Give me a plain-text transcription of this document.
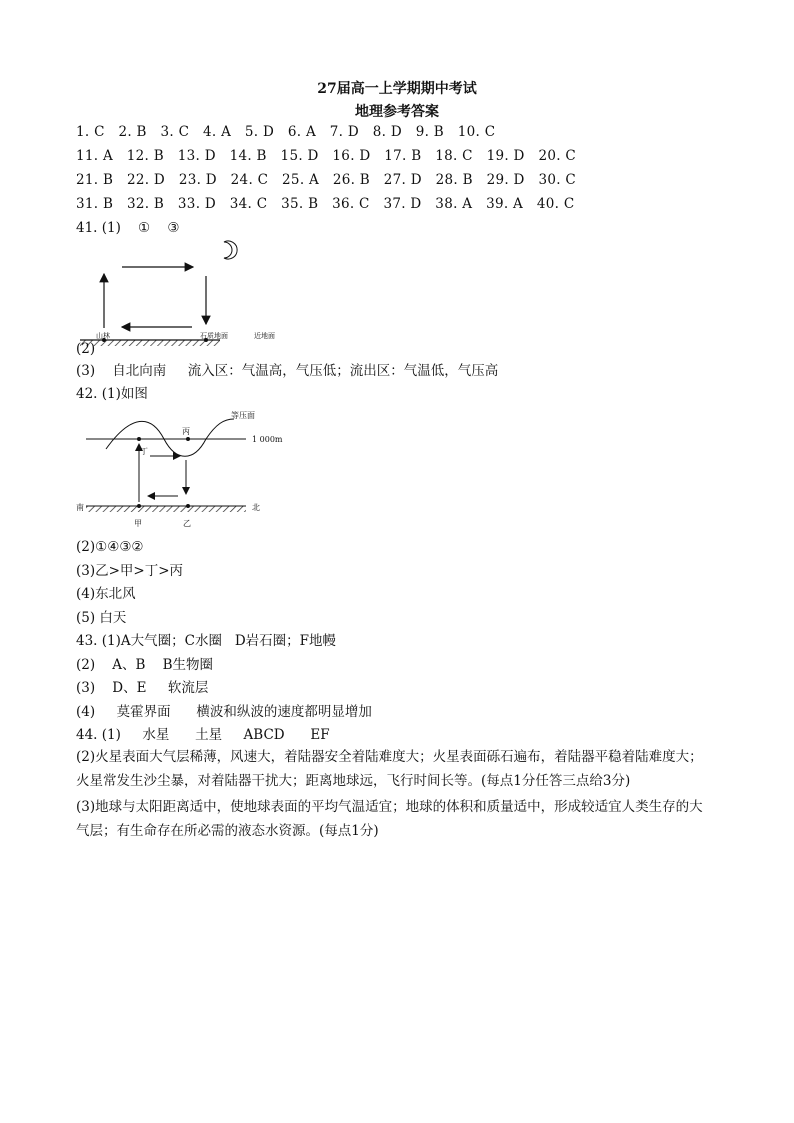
27届高一上学期期中考试
地理参考答案
1. C   2. B   3. C   4. A   5. D   6. A   7. D   8. D   9. B   10. C
11. A   12. B   13. D   14. B   15. D   16. D   17. B   18. C   19. D   20. C
21. B   22. D   23. D   24. C   25. A   26. B   27. D   28. B   29. D   30. C
31. B   32. B   33. D   34. C   35. B   36. C   37. D   38. A   39. A   40. C
41. (1)    ①    ③
山林	石质地面	近地面
(2)
(3)    自北向南     流入区：气温高，气压低；流出区：气温低，气压高
42. (1)如图
等压面
1 000m
丙
丁
南	北
甲	乙
(2)①④③②
(3)乙>甲>丁>丙
(4)东北风
(5) 白天
43. (1)A大气圈；C水圈   D岩石圈；F地幔
(2)    A、B    B生物圈
(3)    D、E     软流层
(4)     莫霍界面      横波和纵波的速度都明显增加
44. (1)     水星      土星     ABCD      EF
(2)火星表面大气层稀薄，风速大，着陆器安全着陆难度大；火星表面砾石遍布，着陆器平稳着陆难度大；火星常发生沙尘暴，对着陆器干扰大；距离地球远，飞行时间长等。(每点1分任答三点给3分)
(3)地球与太阳距离适中，使地球表面的平均气温适宜；地球的体积和质量适中，形成较适宜人类生存的大气层；有生命存在所必需的液态水资源。(每点1分)
